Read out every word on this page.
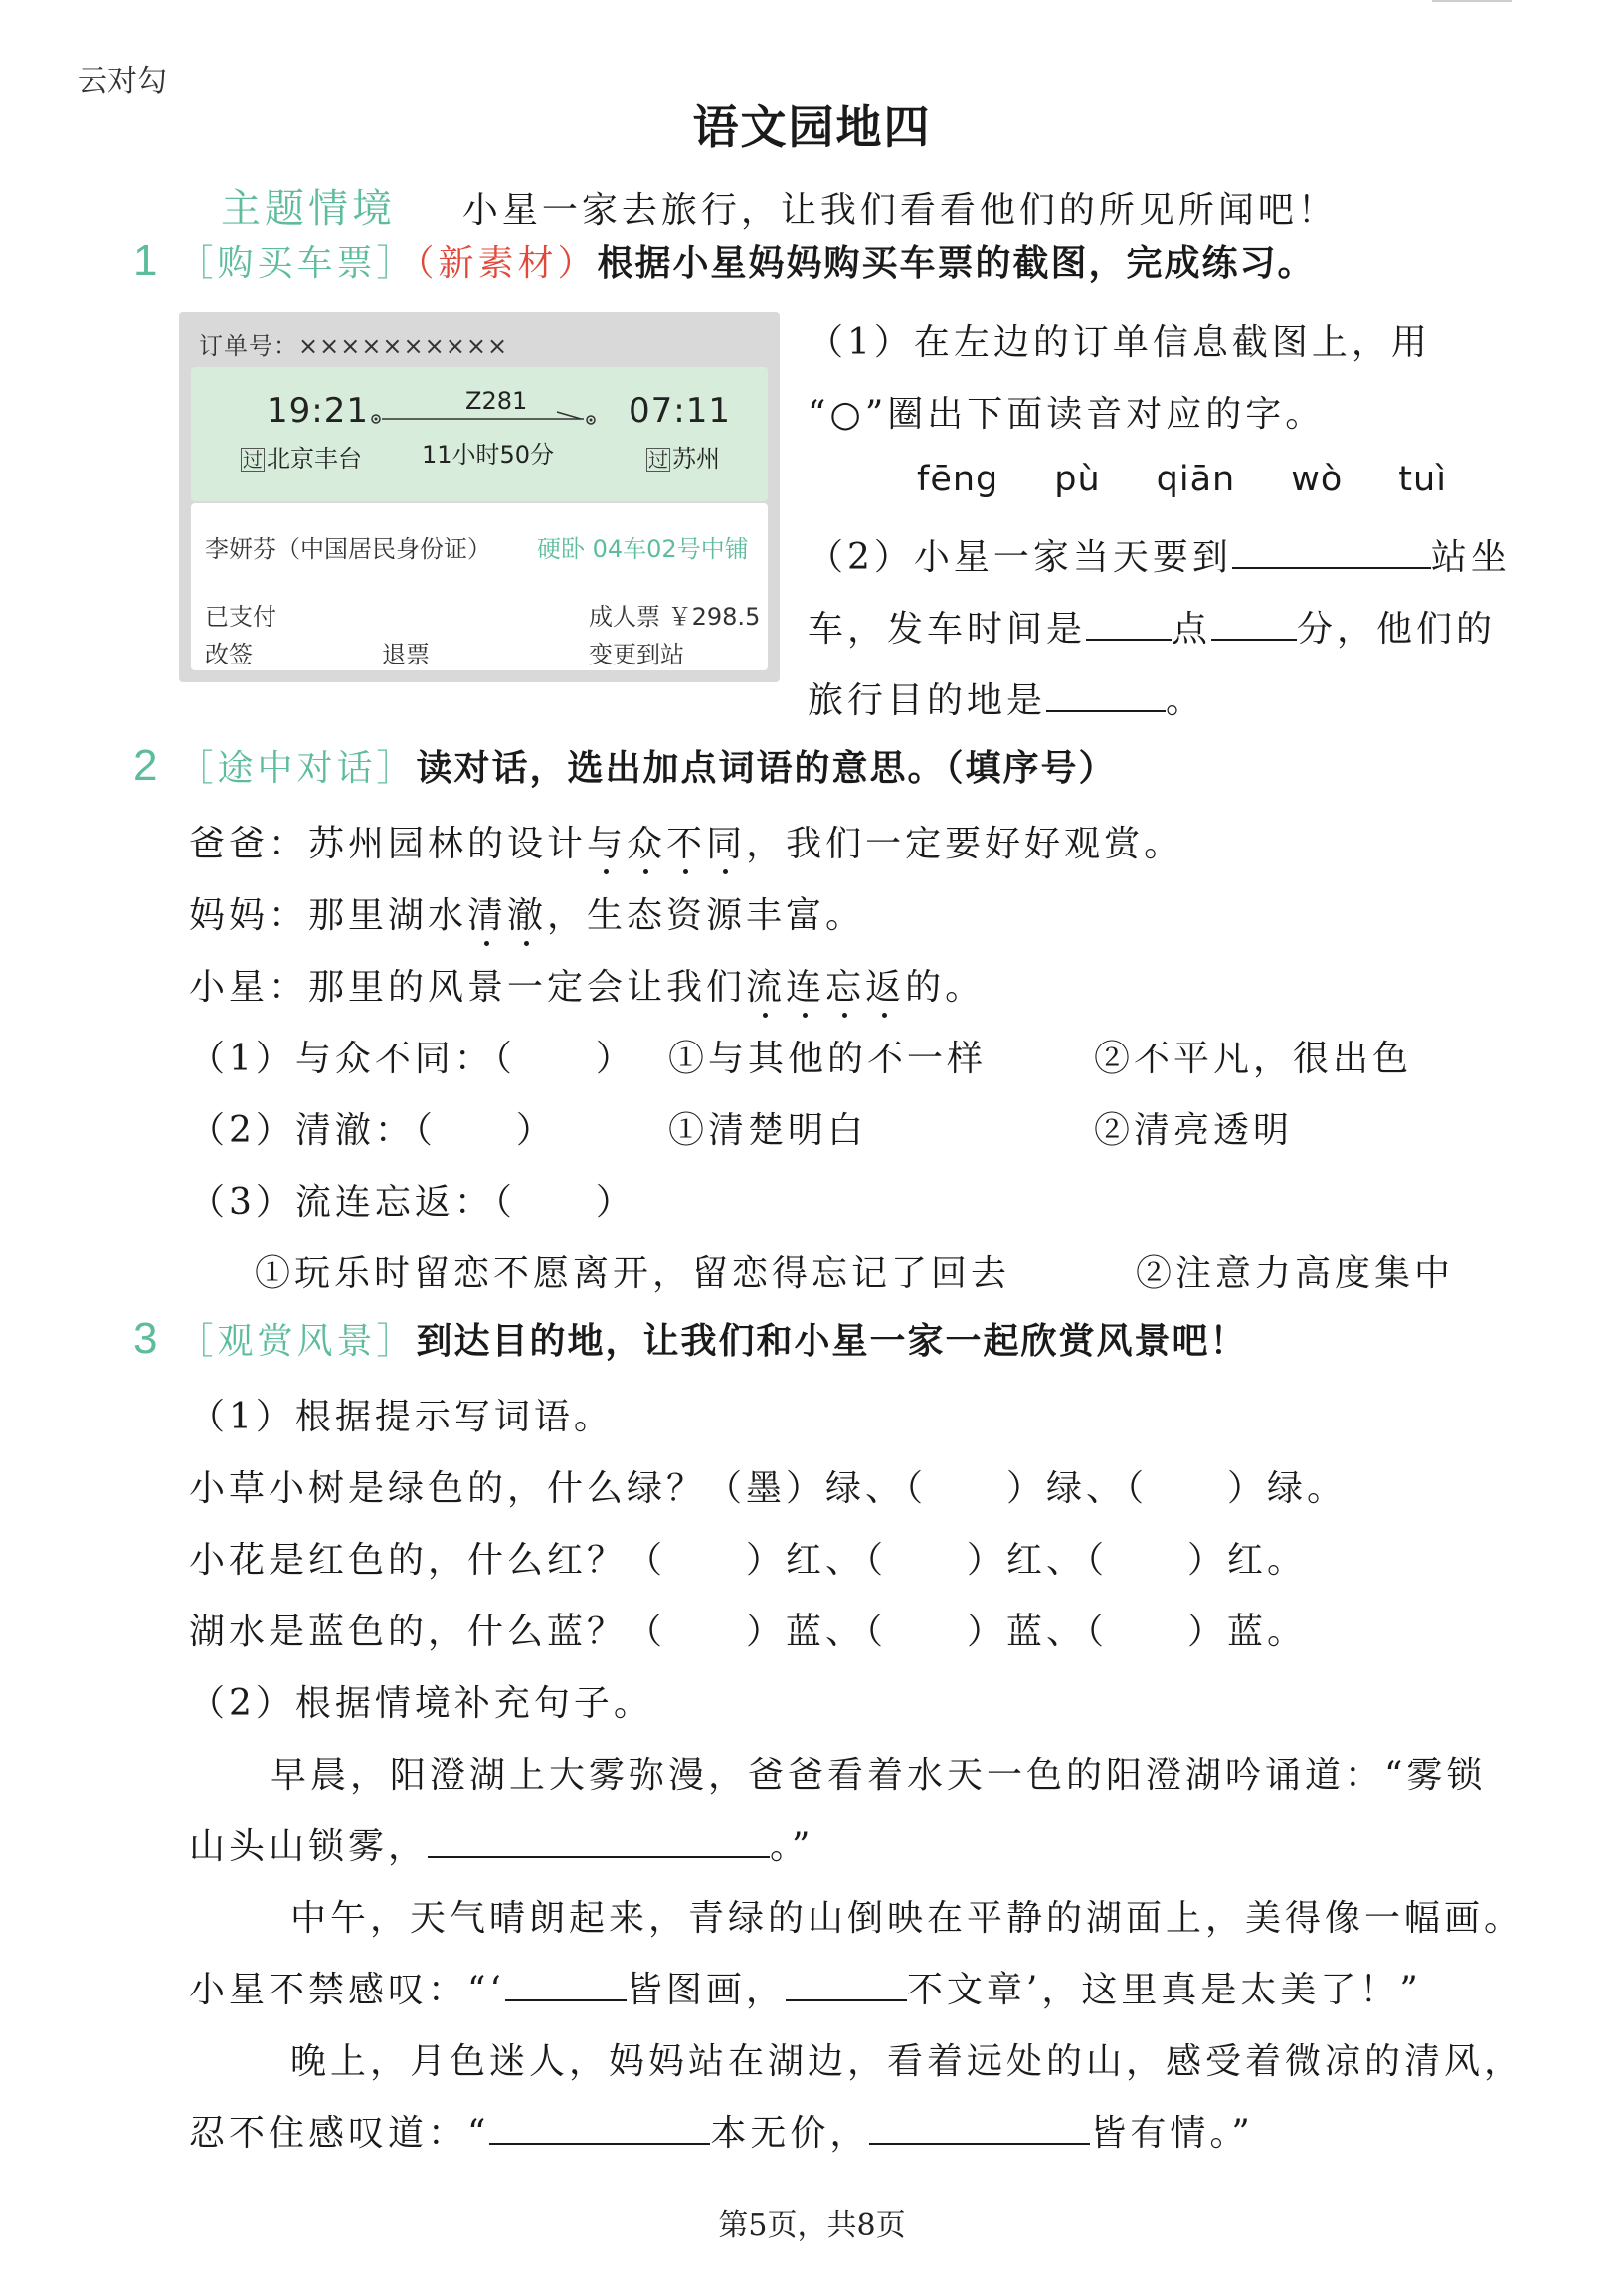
云对勾
语文园地四
主题情境 小星一家去旅行，让我们看看他们的所见所闻吧！
1 ［购买车票］（新素材）根据小星妈妈购买车票的截图，完成练习。
订单号：××××××××××
19:21	Z281	07:11
过 北京丰台	11小时50分	过 苏州
李妍芬（中国居民身份证） 硬卧 04车02号中铺
已支付	成人票 ￥298.5
改签	退票	变更到站
（1）在左边的订单信息截图上，用
“○”圈出下面读音对应的字。
fēng pù qiān wò tuì
（2）小星一家当天要到	站坐
车，发车时间是 点 分，他们的
旅行目的地是	。
2 ［途中对话］读对话，选出加点词语的意思。（填序号）
爸爸：苏州园林的设计与众不同，我们一定要好好观赏。
妈妈：那里湖水清澈，生态资源丰富。
小星：那里的风景一定会让我们流连忘返的。
（1）与众不同：（　　） ①与其他的不一样	②不平凡，很出色
（2）清澈：（　　）	①清楚明白	②清亮透明
（3）流连忘返：（　　）
①玩乐时留恋不愿离开，留恋得忘记了回去	②注意力高度集中
3 ［观赏风景］到达目的地，让我们和小星一家一起欣赏风景吧！
（1）根据提示写词语。
小草小树是绿色的，什么绿？（墨）绿、（　　）绿、（　　）绿。
小花是红色的，什么红？（　　）红、（　　）红、（　　）红。
湖水是蓝色的，什么蓝？（　　）蓝、（　　）蓝、（　　）蓝。
（2）根据情境补充句子。
早晨，阳澄湖上大雾弥漫，爸爸看着水天一色的阳澄湖吟诵道：“雾锁
山头山锁雾，	。”
中午，天气晴朗起来，青绿的山倒映在平静的湖面上，美得像一幅画。
小星不禁感叹：“‘	皆图画，	不文章’，这里真是太美了！”
晚上，月色迷人，妈妈站在湖边，看着远处的山，感受着微凉的清风，
忍不住感叹道：“	本无价，	皆有情。”
第5页，共8页
